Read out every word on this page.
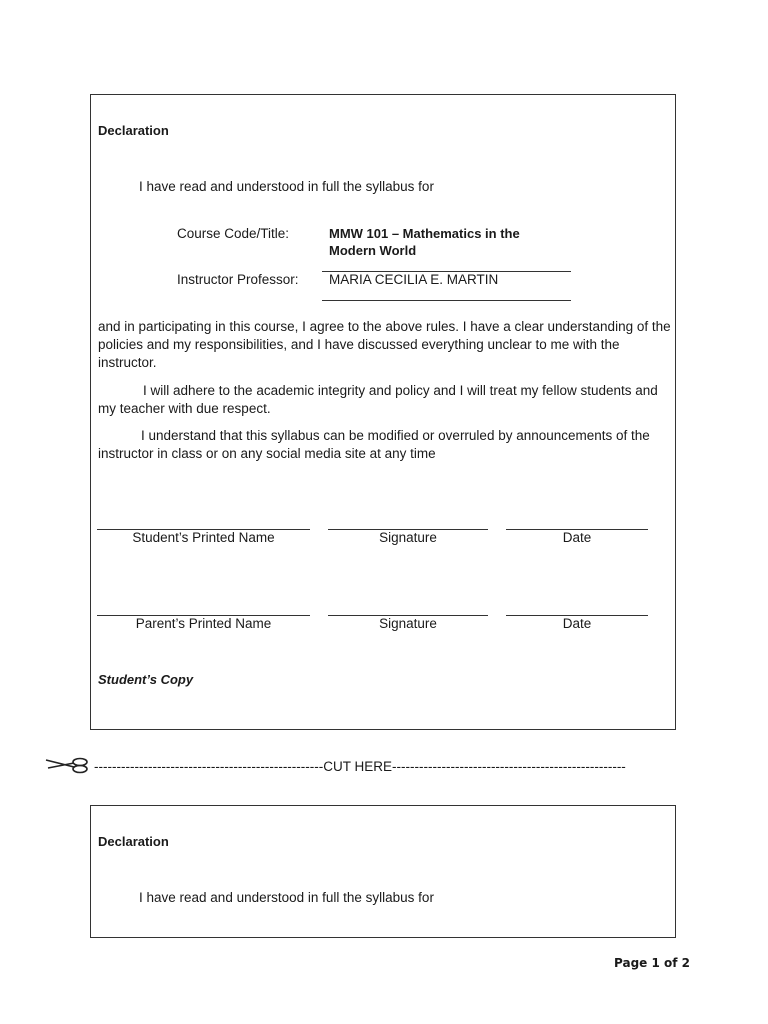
Declaration
I have read and understood in full the syllabus for
Course Code/Title:	MMW 101 – Mathematics in the
Modern World
Instructor Professor: MARIA CECILIA E. MARTIN
and in participating in this course, I agree to the above rules. I have a clear understanding of the policies and my responsibilities, and I have discussed everything unclear to me with the instructor.
I will adhere to the academic integrity and policy and I will treat my fellow students and my teacher with due respect.
I understand that this syllabus can be modified or overruled by announcements of the instructor in class or on any social media site at any time
Student’s Printed Name	Signature	Date
Parent’s Printed Name	Signature	Date
Student’s Copy
---------------------------------------------------CUT HERE----------------------------------------------------
Declaration
I have read and understood in full the syllabus for
Page 1 of 2
